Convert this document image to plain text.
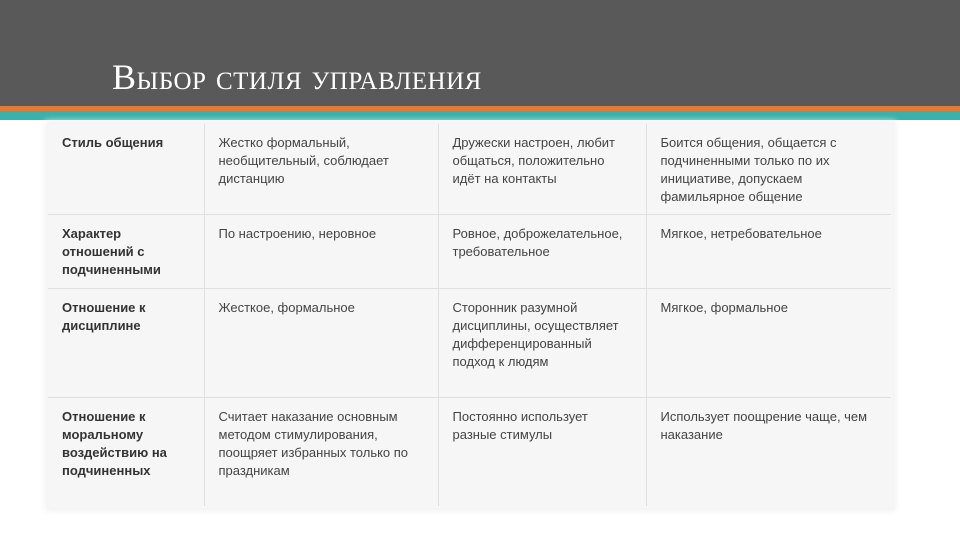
Выбор стиля управления
Стиль общения	Жестко формальный, необщительный, соблюдает дистанцию	Дружески настроен, любит общаться, положительно идёт на контакты	Боится общения, общается с подчиненными только по их инициативе, допускаем фамильярное общение
Характер отношений с подчиненными	По настроению, неровное	Ровное, доброжелательное, требовательное	Мягкое, нетребовательное
Отношение к дисциплине	Жесткое, формальное	Сторонник разумной дисциплины, осуществляет дифференцированный подход к людям	Мягкое, формальное
Отношение к моральному воздействию на подчиненных	Считает наказание основным методом стимулирования, поощряет избранных только по праздникам	Постоянно использует разные стимулы	Использует поощрение чаще, чем наказание
